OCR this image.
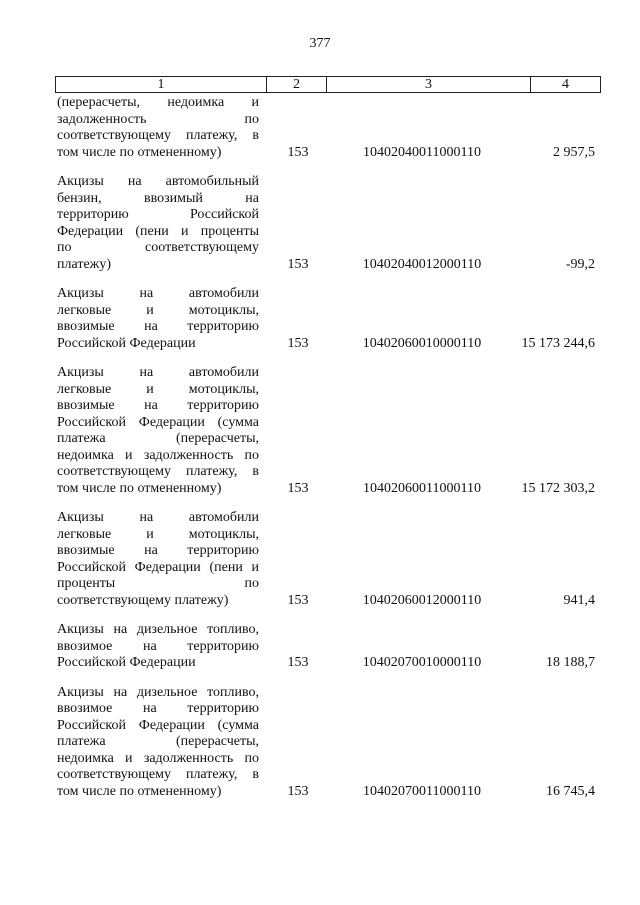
377
1	2	3	4
(перерасчеты, недоимка и
задолженность по
соответствующему платежу, в
том числе по отмененному)	153	10402040011000110	2 957,5
Акцизы на автомобильный
бензин, ввозимый на
территорию Российской
Федерации (пени и проценты
по соответствующему
платежу)	153	10402040012000110	-99,2
Акцизы на автомобили
легковые и мотоциклы,
ввозимые на территорию
Российской Федерации	153	10402060010000110	15 173 244,6
Акцизы на автомобили
легковые и мотоциклы,
ввозимые на территорию
Российской Федерации (сумма
платежа (перерасчеты,
недоимка и задолженность по
соответствующему платежу, в
том числе по отмененному)	153	10402060011000110	15 172 303,2
Акцизы на автомобили
легковые и мотоциклы,
ввозимые на территорию
Российской Федерации (пени и
проценты по
соответствующему платежу)	153	10402060012000110	941,4
Акцизы на дизельное топливо,
ввозимое на территорию
Российской Федерации	153	10402070010000110	18 188,7
Акцизы на дизельное топливо,
ввозимое на территорию
Российской Федерации (сумма
платежа (перерасчеты,
недоимка и задолженность по
соответствующему платежу, в
том числе по отмененному)	153	10402070011000110	16 745,4
